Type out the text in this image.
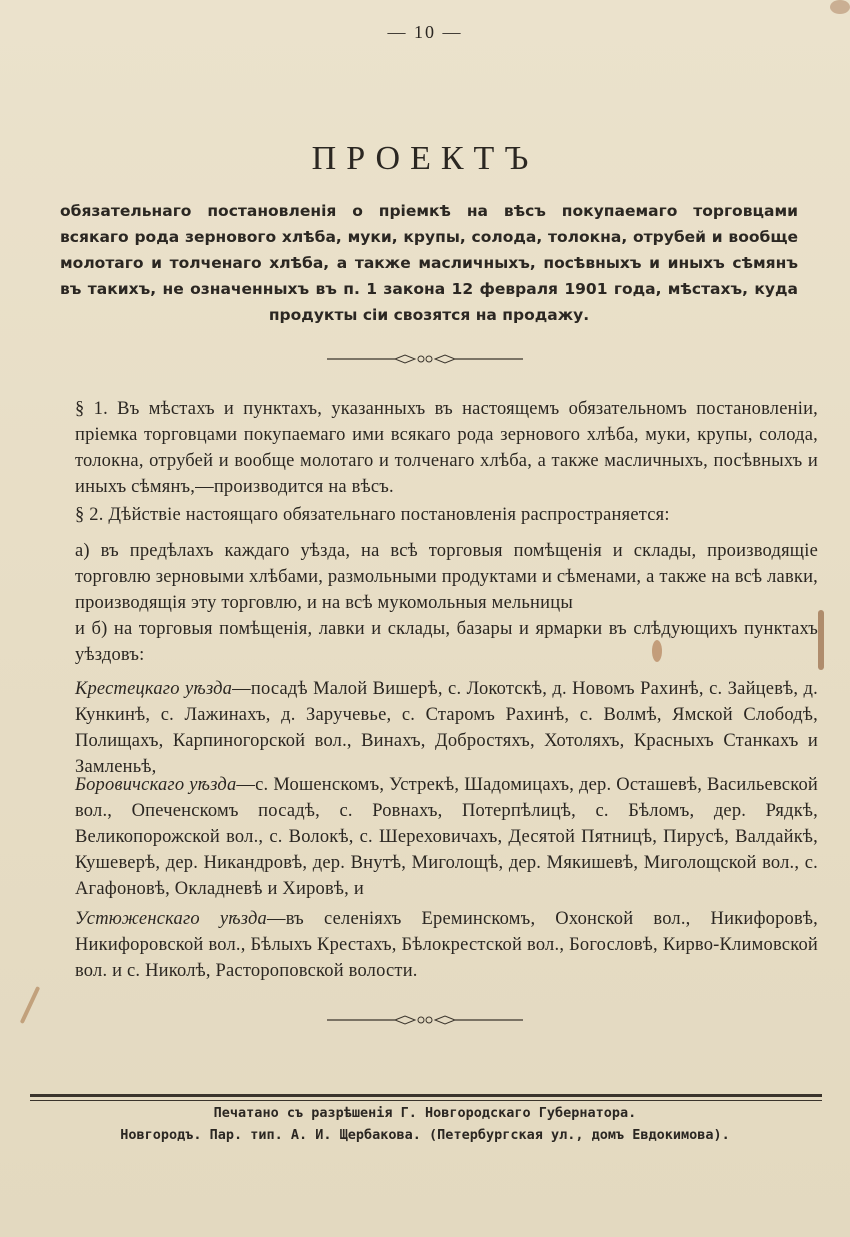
— 10 —
ПРОЕКТЪ

обязательнаго постановленія о пріемкѣ на вѣсъ покупаемаго торговцами всякаго рода зернового хлѣба, муки, крупы, солода, толокна, отрубей и вообще молотаго и толченаго хлѣба, а также масличныхъ, посѣвныхъ и иныхъ сѣмянъ въ такихъ, не означенныхъ въ п. 1 закона 12 февраля 1901 года, мѣстахъ, куда продукты сіи свозятся на продажу.

§ 1. Въ мѣстахъ и пунктахъ, указанныхъ въ настоящемъ обязательномъ постановленіи, пріемка торговцами покупаемаго ими всякаго рода зернового хлѣба, муки, крупы, солода, толокна, отрубей и вообще молотаго и толченаго хлѣба, а также масличныхъ, посѣвныхъ и иныхъ сѣмянъ,—производится на вѣсъ.

§ 2. Дѣйствіе настоящаго обязательнаго постановленія распространяется:

а) въ предѣлахъ каждаго уѣзда, на всѣ торговыя помѣщенія и склады, производящіе торговлю зерновыми хлѣбами, размольными продуктами и сѣменами, а также на всѣ лавки, производящія эту торговлю, и на всѣ мукомольныя мельницы

и б) на торговыя помѣщенія, лавки и склады, базары и ярмарки въ слѣдующихъ пунктахъ уѣздовъ:

Крестецкаго уѣзда—посадѣ Малой Вишерѣ, с. Локотскѣ, д. Новомъ Рахинѣ, с. Зайцевѣ, д. Кункинѣ, с. Лажинахъ, д. Заручевье, с. Старомъ Рахинѣ, с. Волмѣ, Ямской Слободѣ, Полищахъ, Карпиногорской вол., Винахъ, Добростяхъ, Хотоляхъ, Красныхъ Станкахъ и Замленьѣ,

Боровичскаго уѣзда—с. Мошенскомъ, Устрекѣ, Шадомицахъ, дер. Осташевѣ, Васильевской вол., Опеченскомъ посадѣ, с. Ровнахъ, Потерпѣлицѣ, с. Бѣломъ, дер. Рядкѣ, Великопорожской вол., с. Волокѣ, с. Шереховичахъ, Десятой Пятницѣ, Пирусѣ, Валдайкѣ, Кушеверѣ, дер. Никандровѣ, дер. Внутѣ, Миголощѣ, дер. Мякишевѣ, Миголощской вол., с. Агафоновѣ, Окладневѣ и Хировѣ, и

Устюженскаго уѣзда—въ селеніяхъ Ереминскомъ, Охонской вол., Никифоровѣ, Никифоровской вол., Бѣлыхъ Крестахъ, Бѣлокрестской вол., Богословѣ, Кирво-Климовской вол. и с. Николѣ, Растороповской волости.

Печатано съ разрѣшенія Г. Новгородскаго Губернатора.
Новгородъ. Пар. тип. А. И. Щербакова. (Петербургская ул., домъ Евдокимова).
